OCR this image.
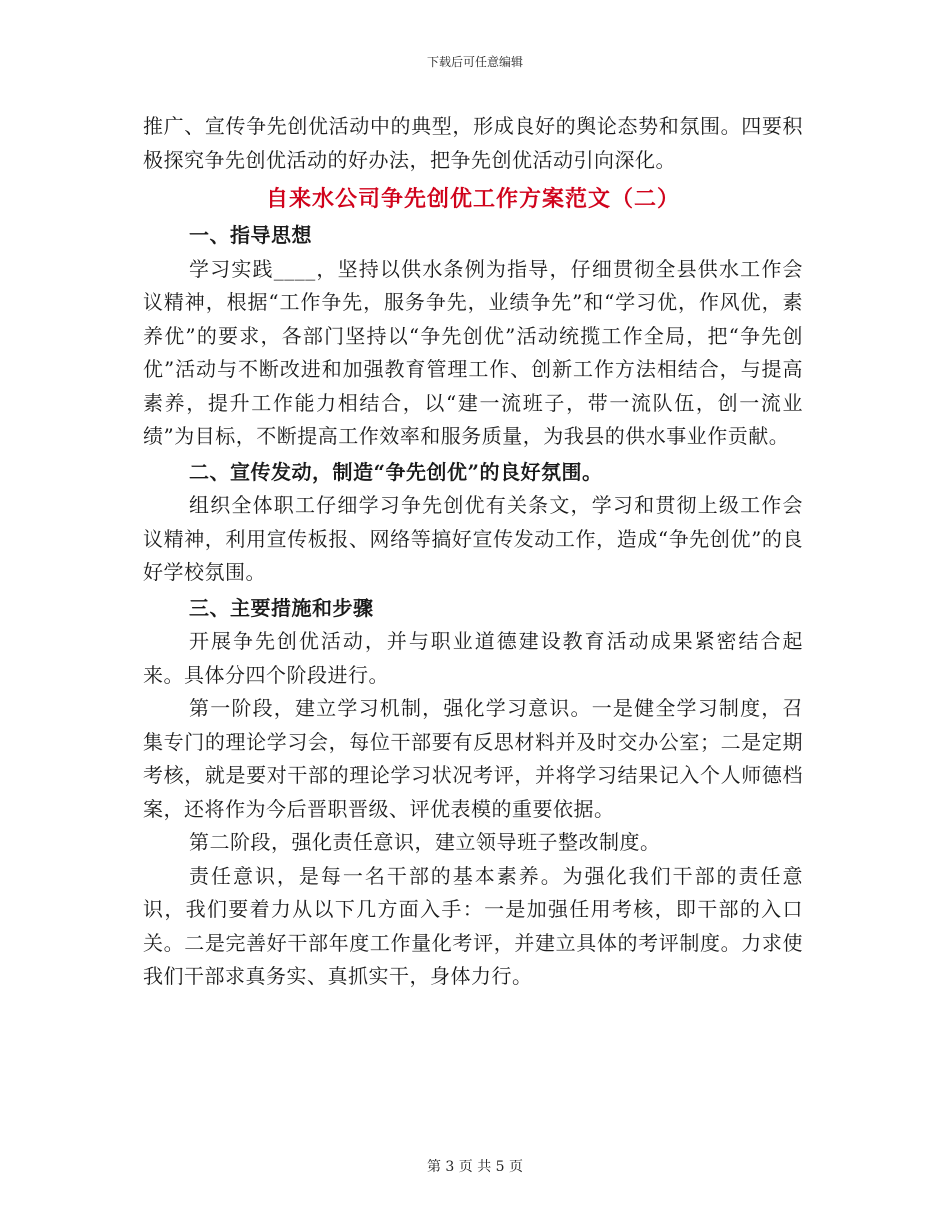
下载后可任意编辑

推广、宣传争先创优活动中的典型，形成良好的舆论态势和氛围。四要积极探究争先创优活动的好办法，把争先创优活动引向深化。

自来水公司争先创优工作方案范文（二）

一、指导思想

学习实践____，坚持以供水条例为指导，仔细贯彻全县供水工作会议精神，根据“工作争先，服务争先，业绩争先”和“学习优，作风优，素养优”的要求，各部门坚持以“争先创优”活动统揽工作全局，把“争先创优”活动与不断改进和加强教育管理工作、创新工作方法相结合，与提高素养，提升工作能力相结合，以“建一流班子，带一流队伍，创一流业绩”为目标，不断提高工作效率和服务质量，为我县的供水事业作贡献。

二、宣传发动，制造“争先创优”的良好氛围。

组织全体职工仔细学习争先创优有关条文，学习和贯彻上级工作会议精神，利用宣传板报、网络等搞好宣传发动工作，造成“争先创优”的良好学校氛围。

三、主要措施和步骤

开展争先创优活动，并与职业道德建设教育活动成果紧密结合起来。具体分四个阶段进行。

第一阶段，建立学习机制，强化学习意识。一是健全学习制度，召集专门的理论学习会，每位干部要有反思材料并及时交办公室；二是定期考核，就是要对干部的理论学习状况考评，并将学习结果记入个人师德档案，还将作为今后晋职晋级、评优表模的重要依据。

第二阶段，强化责任意识，建立领导班子整改制度。

责任意识，是每一名干部的基本素养。为强化我们干部的责任意识，我们要着力从以下几方面入手：一是加强任用考核，即干部的入口关。二是完善好干部年度工作量化考评，并建立具体的考评制度。力求使我们干部求真务实、真抓实干，身体力行。

第 3 页 共 5 页
